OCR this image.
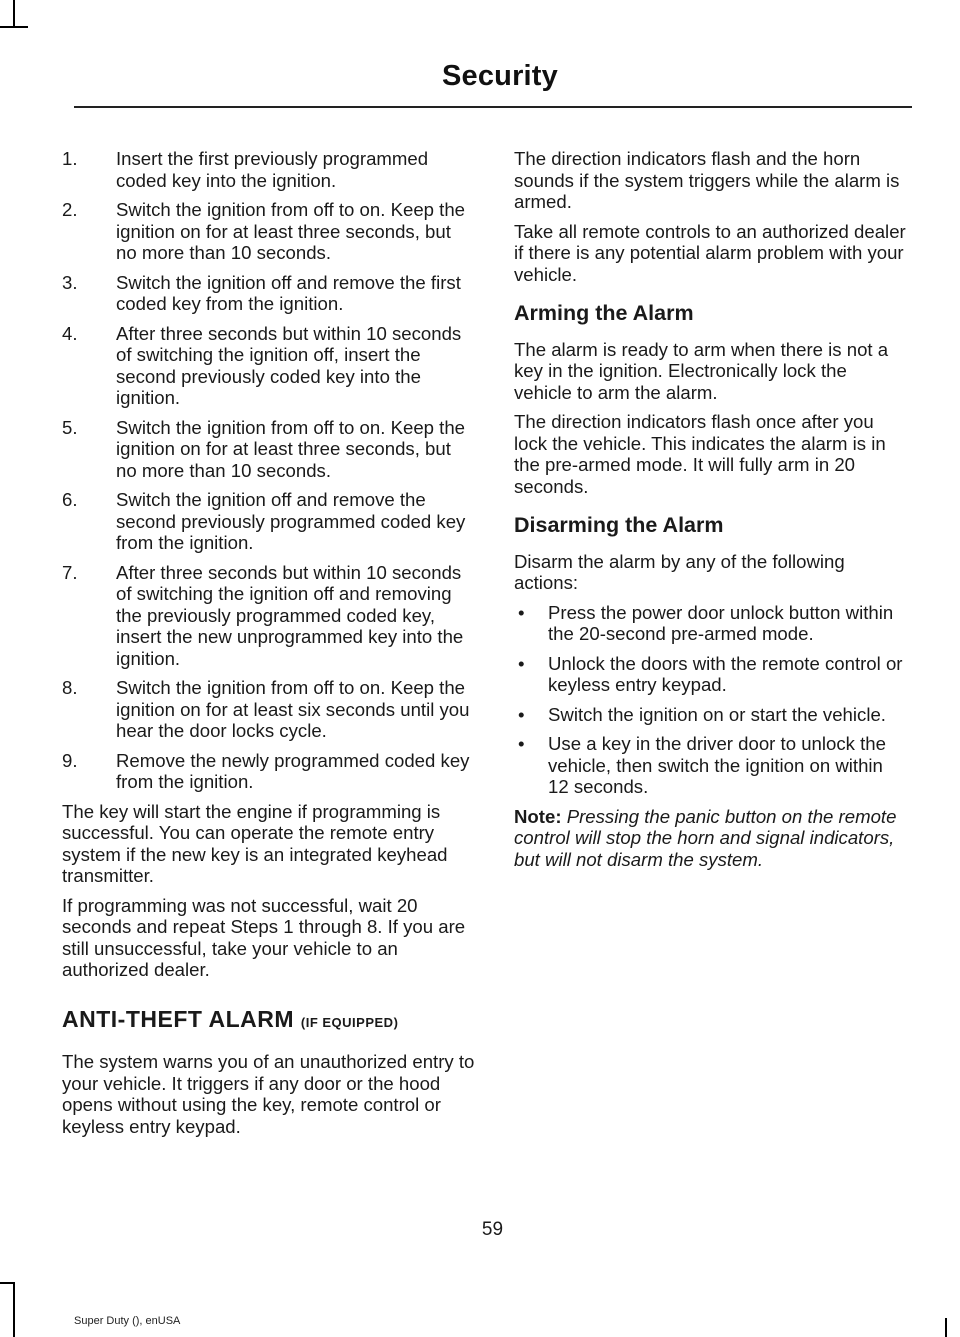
Security
1. Insert the first previously programmed coded key into the ignition.
2. Switch the ignition from off to on. Keep the ignition on for at least three seconds, but no more than 10 seconds.
3. Switch the ignition off and remove the first coded key from the ignition.
4. After three seconds but within 10 seconds of switching the ignition off, insert the second previously coded key into the ignition.
5. Switch the ignition from off to on. Keep the ignition on for at least three seconds, but no more than 10 seconds.
6. Switch the ignition off and remove the second previously programmed coded key from the ignition.
7. After three seconds but within 10 seconds of switching the ignition off and removing the previously programmed coded key, insert the new unprogrammed key into the ignition.
8. Switch the ignition from off to on. Keep the ignition on for at least six seconds until you hear the door locks cycle.
9. Remove the newly programmed coded key from the ignition.

The key will start the engine if programming is successful. You can operate the remote entry system if the new key is an integrated keyhead transmitter.

If programming was not successful, wait 20 seconds and repeat Steps 1 through 8. If you are still unsuccessful, take your vehicle to an authorized dealer.

ANTI-THEFT ALARM (IF EQUIPPED)

The system warns you of an unauthorized entry to your vehicle. It triggers if any door or the hood opens without using the key, remote control or keyless entry keypad.

The direction indicators flash and the horn sounds if the system triggers while the alarm is armed.

Take all remote controls to an authorized dealer if there is any potential alarm problem with your vehicle.

Arming the Alarm

The alarm is ready to arm when there is not a key in the ignition. Electronically lock the vehicle to arm the alarm.

The direction indicators flash once after you lock the vehicle. This indicates the alarm is in the pre-armed mode. It will fully arm in 20 seconds.

Disarming the Alarm

Disarm the alarm by any of the following actions:

• Press the power door unlock button within the 20-second pre-armed mode.
• Unlock the doors with the remote control or keyless entry keypad.
• Switch the ignition on or start the vehicle.
• Use a key in the driver door to unlock the vehicle, then switch the ignition on within 12 seconds.

Note: Pressing the panic button on the remote control will stop the horn and signal indicators, but will not disarm the system.

59
Super Duty (), enUSA
